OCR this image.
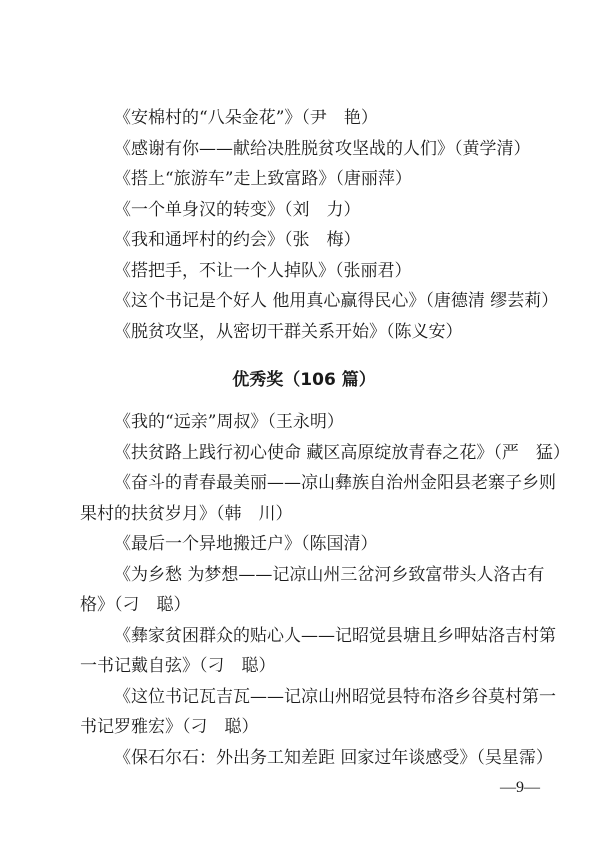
《安棉村的“八朵金花”》（尹　艳）
《感谢有你——献给决胜脱贫攻坚战的人们》（黄学清）
《搭上“旅游车”走上致富路》（唐丽萍）
《一个单身汉的转变》（刘　力）
《我和通坪村的约会》（张　梅）
《搭把手，不让一个人掉队》（张丽君）
《这个书记是个好人 他用真心赢得民心》（唐德清 缪芸莉）
《脱贫攻坚，从密切干群关系开始》（陈义安）
优秀奖（106 篇）
《我的“远亲”周叔》（王永明）
《扶贫路上践行初心使命 藏区高原绽放青春之花》（严　猛）
《奋斗的青春最美丽——凉山彝族自治州金阳县老寨子乡则
果村的扶贫岁月》（韩　川）
《最后一个异地搬迁户》（陈国清）
《为乡愁 为梦想——记凉山州三岔河乡致富带头人洛古有
格》（刁　聪）
《彝家贫困群众的贴心人——记昭觉县塘且乡呷姑洛吉村第
一书记戴自弦》（刁　聪）
《这位书记瓦吉瓦——记凉山州昭觉县特布洛乡谷莫村第一
书记罗雅宏》（刁　聪）
《保石尔石：外出务工知差距 回家过年谈感受》（吴星霈）
—9—
